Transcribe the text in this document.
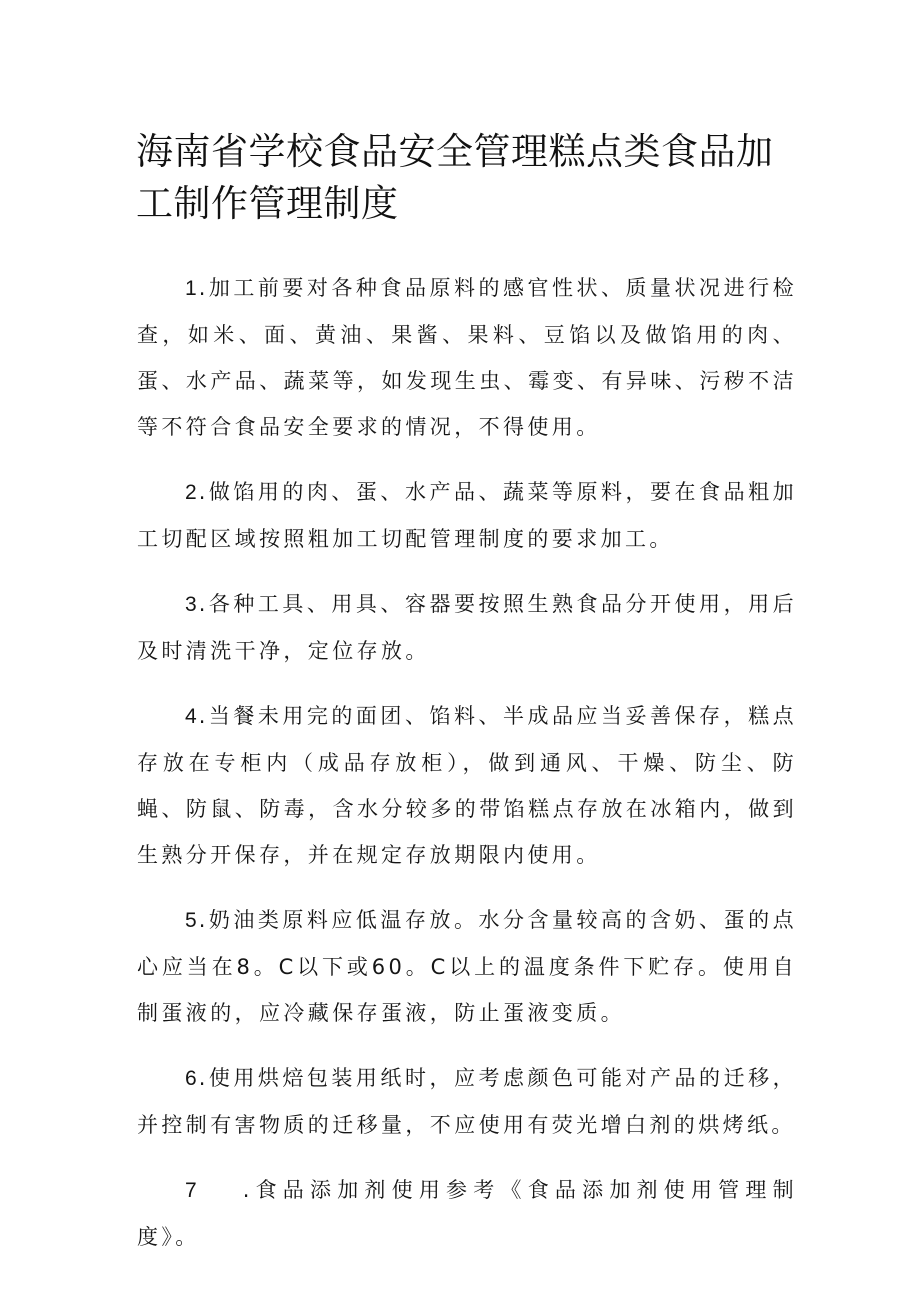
海南省学校食品安全管理糕点类食品加工制作管理制度

1.加工前要对各种食品原料的感官性状、质量状况进行检查，如米、面、黄油、果酱、果料、豆馅以及做馅用的肉、蛋、水产品、蔬菜等，如发现生虫、霉变、有异味、污秽不洁等不符合食品安全要求的情况，不得使用。

2.做馅用的肉、蛋、水产品、蔬菜等原料，要在食品粗加工切配区域按照粗加工切配管理制度的要求加工。

3.各种工具、用具、容器要按照生熟食品分开使用，用后及时清洗干净，定位存放。

4.当餐未用完的面团、馅料、半成品应当妥善保存，糕点存放在专柜内（成品存放柜），做到通风、干燥、防尘、防蝇、防鼠、防毒，含水分较多的带馅糕点存放在冰箱内，做到生熟分开保存，并在规定存放期限内使用。

5.奶油类原料应低温存放。水分含量较高的含奶、蛋的点心应当在8。C以下或60。C以上的温度条件下贮存。使用自制蛋液的，应冷藏保存蛋液，防止蛋液变质。

6.使用烘焙包装用纸时，应考虑颜色可能对产品的迁移，并控制有害物质的迁移量，不应使用有荧光增白剂的烘烤纸。

7 .食品添加剂使用参考《食品添加剂使用管理制度》。
